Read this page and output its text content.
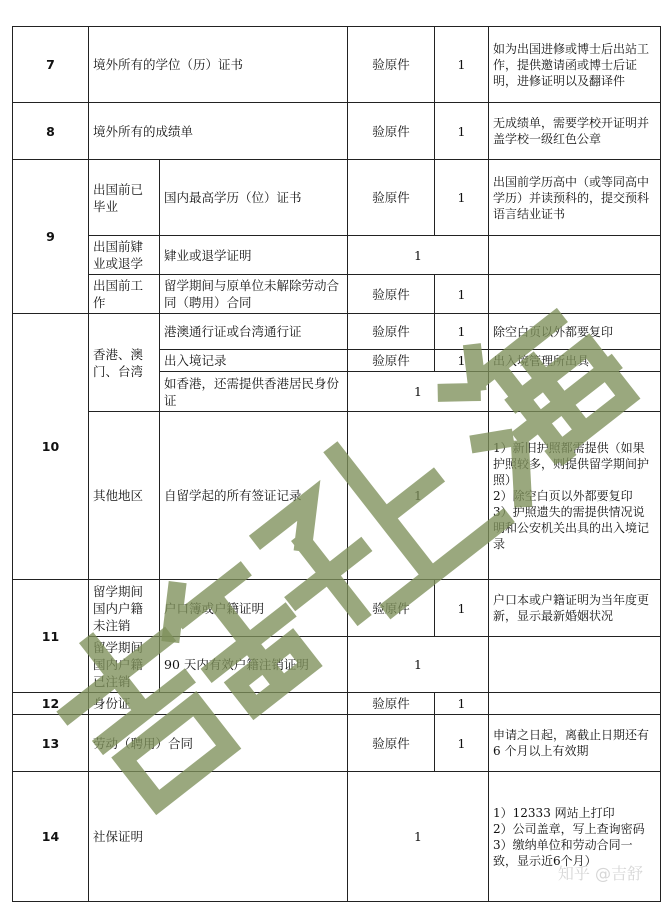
7	境外所有的学位（历）证书		验原件	1	如为出国进修或博士后出站工作，提供邀请函或博士后证明，进修证明以及翻译件
8	境外所有的成绩单		验原件	1	无成绩单，需要学校开证明并盖学校一级红色公章
9	出国前已毕业	国内最高学历（位）证书	验原件	1	出国前学历高中（或等同高中学历）并读预科的，提交预科语言结业证书
	出国前肄业或退学	肄业或退学证明	1		
	出国前工作	留学期间与原单位未解除劳动合同（聘用）合同	验原件	1	
10	香港、澳门、台湾	港澳通行证或台湾通行证	验原件	1	除空白页以外都要复印
		出入境记录	验原件	1	出入境管理所出具
		如香港，还需提供香港居民身份证	1		
	其他地区	自留学起的所有签证记录	1		1）新旧护照都需提供（如果护照较多，则提供留学期间护照）
2）除空白页以外都要复印
3）护照遗失的需提供情况说明和公安机关出具的出入境记录
11	留学期间国内户籍未注销	户口簿或户籍证明	验原件	1	户口本或户籍证明为当年度更新，显示最新婚姻状况
	留学期间国内户籍已注销	90 天内有效户籍注销证明	1		
12	身份证		验原件	1	
13	劳动（聘用）合同		验原件	1	申请之日起，离截止日期还有 6 个月以上有效期
14	社保证明		1		1）12333 网站上打印
2）公司盖章，写上查询密码
3）缴纳单位和劳动合同一致，显示近6个月）
知乎 @吉舒
